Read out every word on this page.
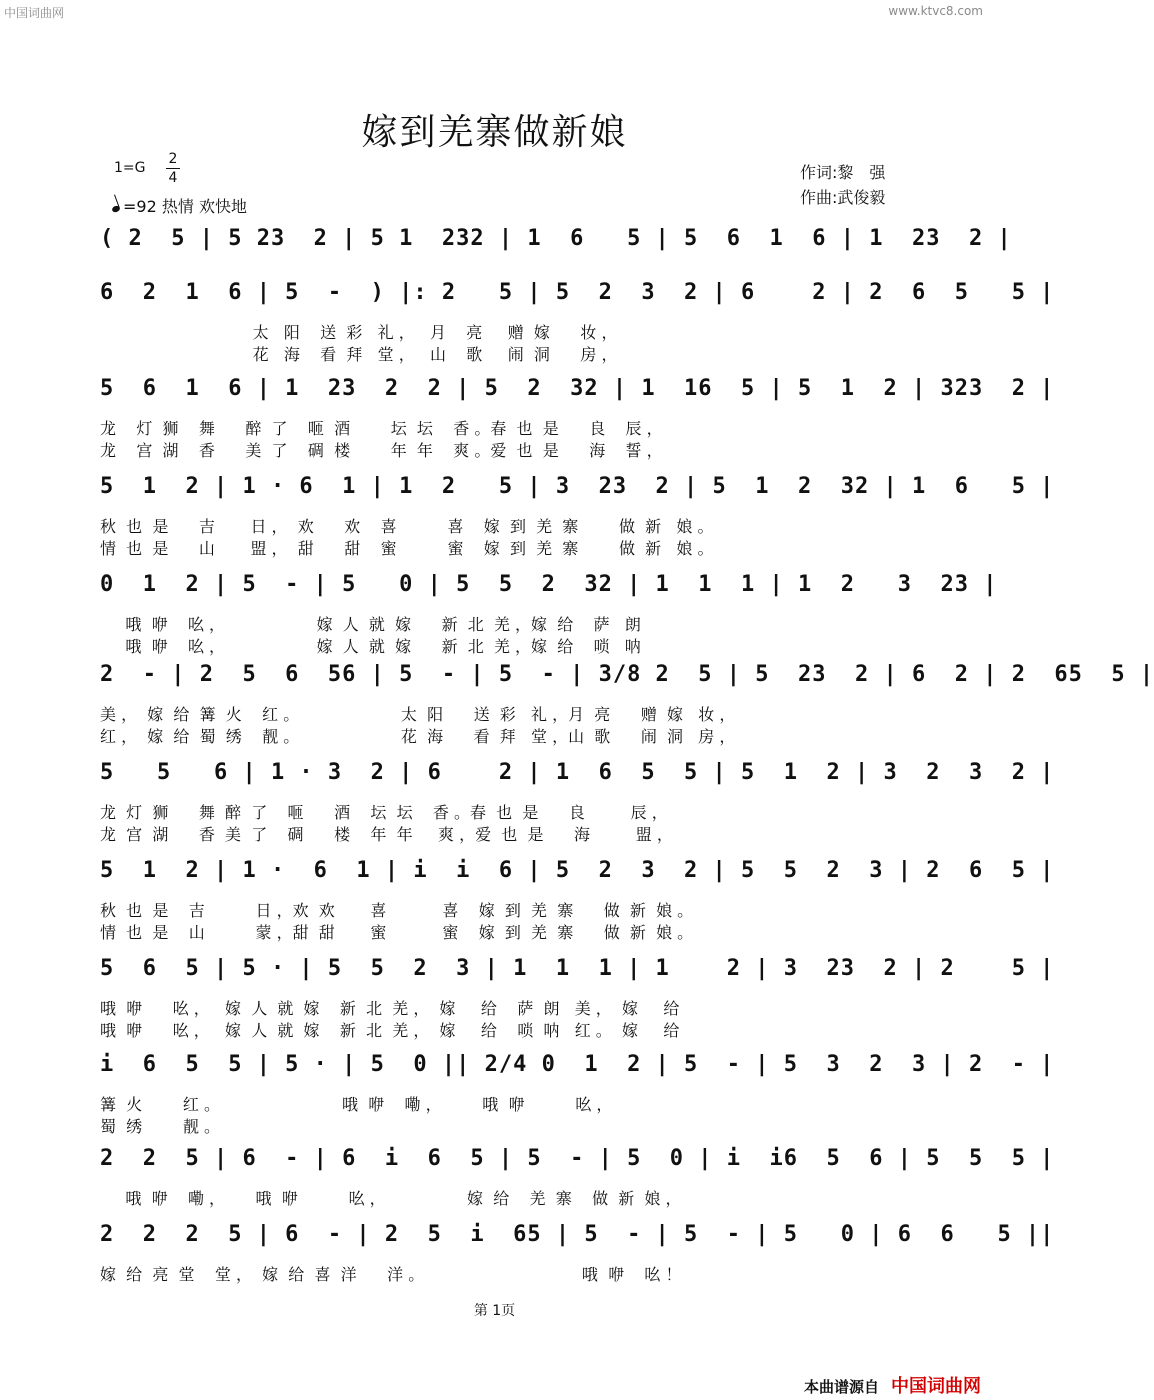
中国词曲网	www.ktvc8.com
嫁到羌寨做新娘
1=G
2
4
=92 热情 欢快地
作词:黎　强
作曲:武俊毅
( 2  5 | 5 23  2 | 5 1  232 | 1  6   5 | 5  6  1  6 | 1  23  2 |
6  2  1  6 | 5  -  ) |: 2   5 | 5  2  3  2 | 6    2 | 2  6  5   5 |
太   阳    送  彩   礼 ，   月    亮     赠  嫁      妆 ，
花   海    看  拜   堂 ，   山    歌     闹  洞      房 ，
5  6  1  6 | 1  23  2  2 | 5  2  32 | 1  16  5 | 5  1  2 | 323  2 |
龙    灯  狮    舞      醉  了    咂  酒        坛  坛    香 。春  也  是      良    辰 ，
龙    宫  湖    香      美  了    碉  楼        年  年    爽 。爱  也  是      海    誓 ，
5  1  2 | 1 · 6  1 | 1  2   5 | 3  23  2 | 5  1  2  32 | 1  6   5 |
秋  也  是      吉       日 ，  欢      欢    喜          喜    嫁  到  羌  寨        做  新   娘 。
情  也  是      山       盟 ，  甜      甜    蜜          蜜    嫁  到  羌  寨        做  新   娘 。
0  1  2 | 5  - | 5   0 | 5  5  2  32 | 1  1  1 | 1  2   3  23 |
哦  咿    吆 ，                  嫁  人  就  嫁      新  北  羌 ，嫁  给    萨   朗
哦  咿    吆 ，                  嫁  人  就  嫁      新  北  羌 ，嫁  给    唢   呐
2  - | 2  5  6  56 | 5  - | 5  - | 3/8 2  5 | 5  23  2 | 6  2 | 2  65  5 |
美 ，  嫁  给  篝  火    红 。                    太  阳      送  彩   礼 ，月  亮      赠  嫁   妆 ，
红 ，  嫁  给  蜀  绣    靓 。                    花  海      看  拜   堂 ，山  歌      闹  洞   房 ，
5   5   6 | 1 · 3  2 | 6    2 | 1  6  5  5 | 5  1  2 | 3  2  3  2 |
龙  灯  狮      舞  醉  了    咂      酒    坛  坛    香 。春  也  是      良         辰 ，
龙  宫  湖      香  美  了    碉      楼    年  年     爽 ，爱  也  是      海         盟 ，
5  1  2 | 1 ·  6  1 | i  i  6 | 5  2  3  2 | 5  5  2  3 | 2  6  5 |
秋  也  是    吉          日 ，欢  欢       喜           喜    嫁  到  羌  寨      做  新  娘 。
情  也  是    山          蒙 ，甜  甜       蜜           蜜    嫁  到  羌  寨      做  新  娘 。
5  6  5 | 5 · | 5  5  2  3 | 1  1  1 | 1    2 | 3  23  2 | 2    5 |
哦  咿      吆 ，   嫁  人  就  嫁    新  北  羌 ，  嫁     给    萨  朗   美 ，  嫁     给
哦  咿      吆 ，   嫁  人  就  嫁    新  北  羌 ，  嫁     给    唢  呐   红 。  嫁     给
i  6  5  5 | 5 · | 5  0 || 2/4 0  1  2 | 5  - | 5  3  2  3 | 2  - |
篝  火        红 。                        哦  咿    嘞 ，        哦  咿          吆 ，
蜀  绣        靓 。
2  2  5 | 6  - | 6  i  6  5 | 5  - | 5  0 | i  i6  5  6 | 5  5  5 |
哦  咿    嘞 ，      哦  咿          吆 ，                嫁  给    羌  寨    做  新  娘 ，
2  2  2  5 | 6  - | 2  5  i  65 | 5  - | 5  - | 5   0 | 6  6   5 ||
嫁  给  亮  堂    堂 ，  嫁  给  喜  洋      洋 。                               哦  咿    吆 ！
第 1页
本曲谱源自 中国词曲网
